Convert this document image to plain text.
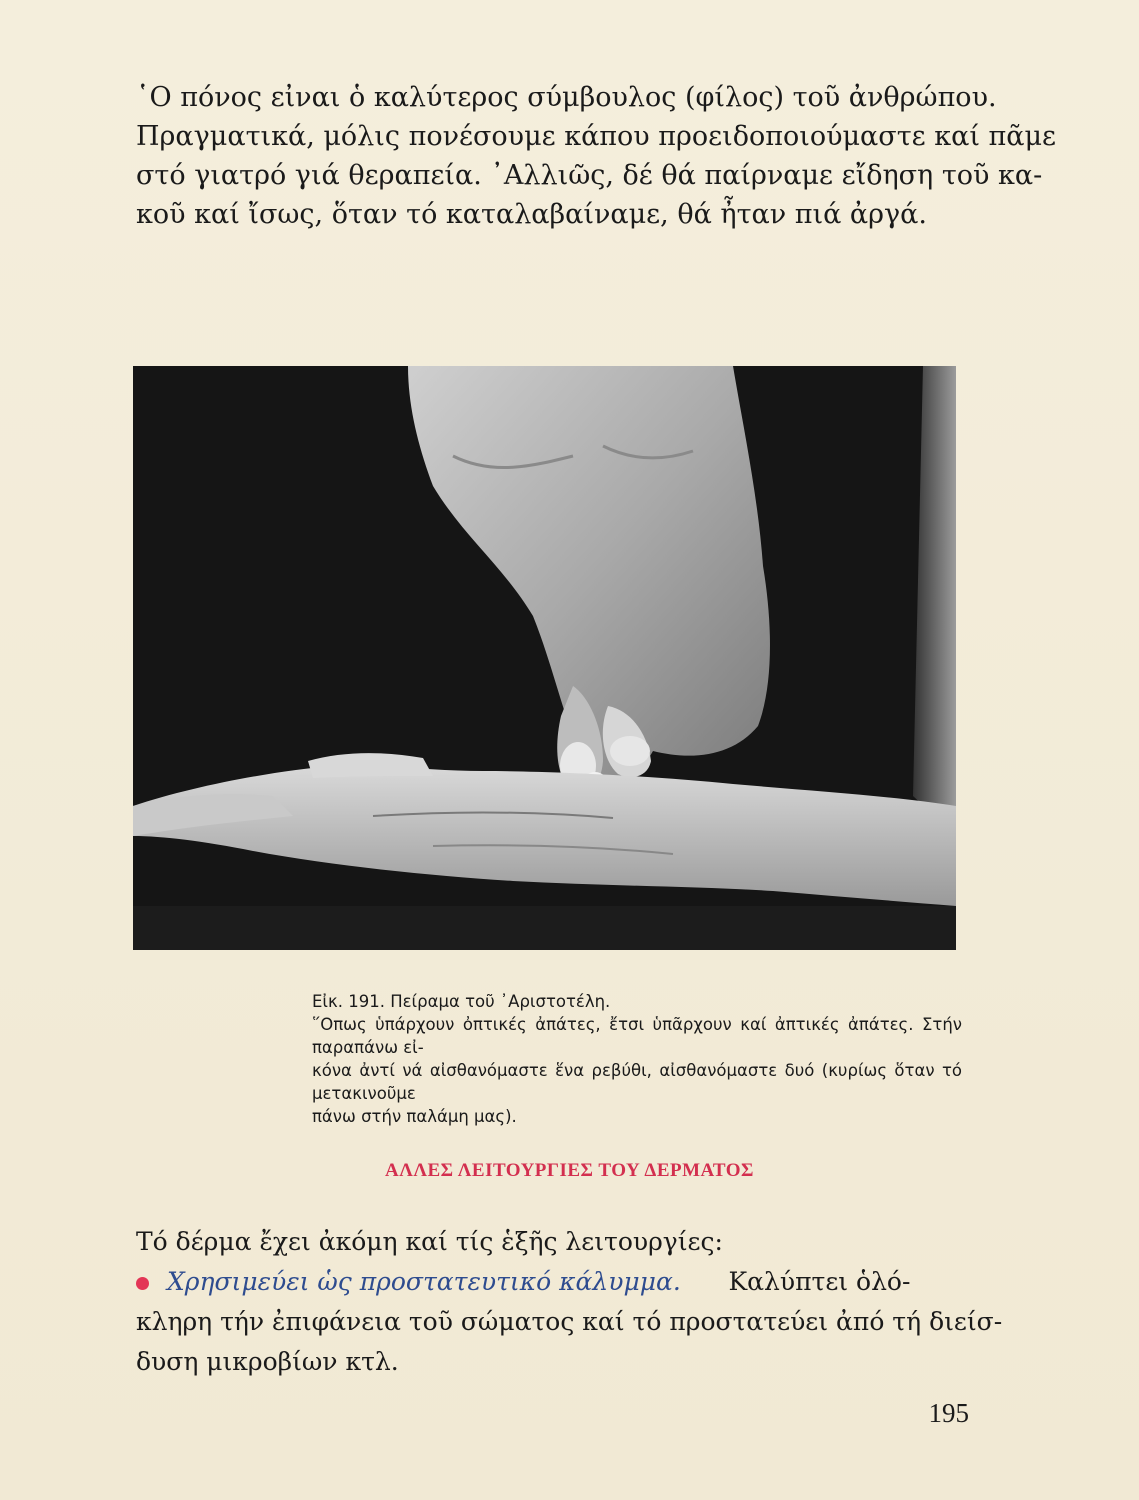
῾Ο πόνος εἰναι ὁ καλύτερος σύμβουλος (φίλος) τοῦ ἀνθρώπου.
Πραγματικά, μόλις πονέσουμε κάπου προειδοποιούμαστε καί πᾶμε
στό γιατρό γιά θεραπεία. ᾿Αλλιῶς, δέ θά παίρναμε εἴδηση τοῦ κα-
κοῦ καί ἴσως, ὅταν τό καταλαβαίναμε, θά ἦταν πιά ἀργά.

Εἰκ. 191. Πείραμα τοῦ ᾿Αριστοτέλη.
῞Οπως ὑπάρχουν ὀπτικές ἀπάτες, ἔτσι ὑπᾶρχουν καί ἀπτικές ἀπάτες. Στήν παραπάνω εἰ-
κόνα ἀντί νά αἰσθανόμαστε ἕνα ρεβύθι, αἰσθανόμαστε δυό (κυρίως ὅταν τό μετακινοῦμε
πάνω στήν παλάμη μας).
ΑΛΛΕΣ ΛΕΙΤΟΥΡΓΙΕΣ ΤΟΥ ΔΕΡΜΑΤΟΣ
Τό δέρμα ἔχει ἀκόμη καί τίς ἑξῆς λειτουργίες:
Χρησιμεύει ὡς προστατευτικό κάλυμμα. Καλύπτει ὁλό-
κληρη τήν ἐπιφάνεια τοῦ σώματος καί τό προστατεύει ἀπό τή διείσ-
δυση μικροβίων κτλ.
195
